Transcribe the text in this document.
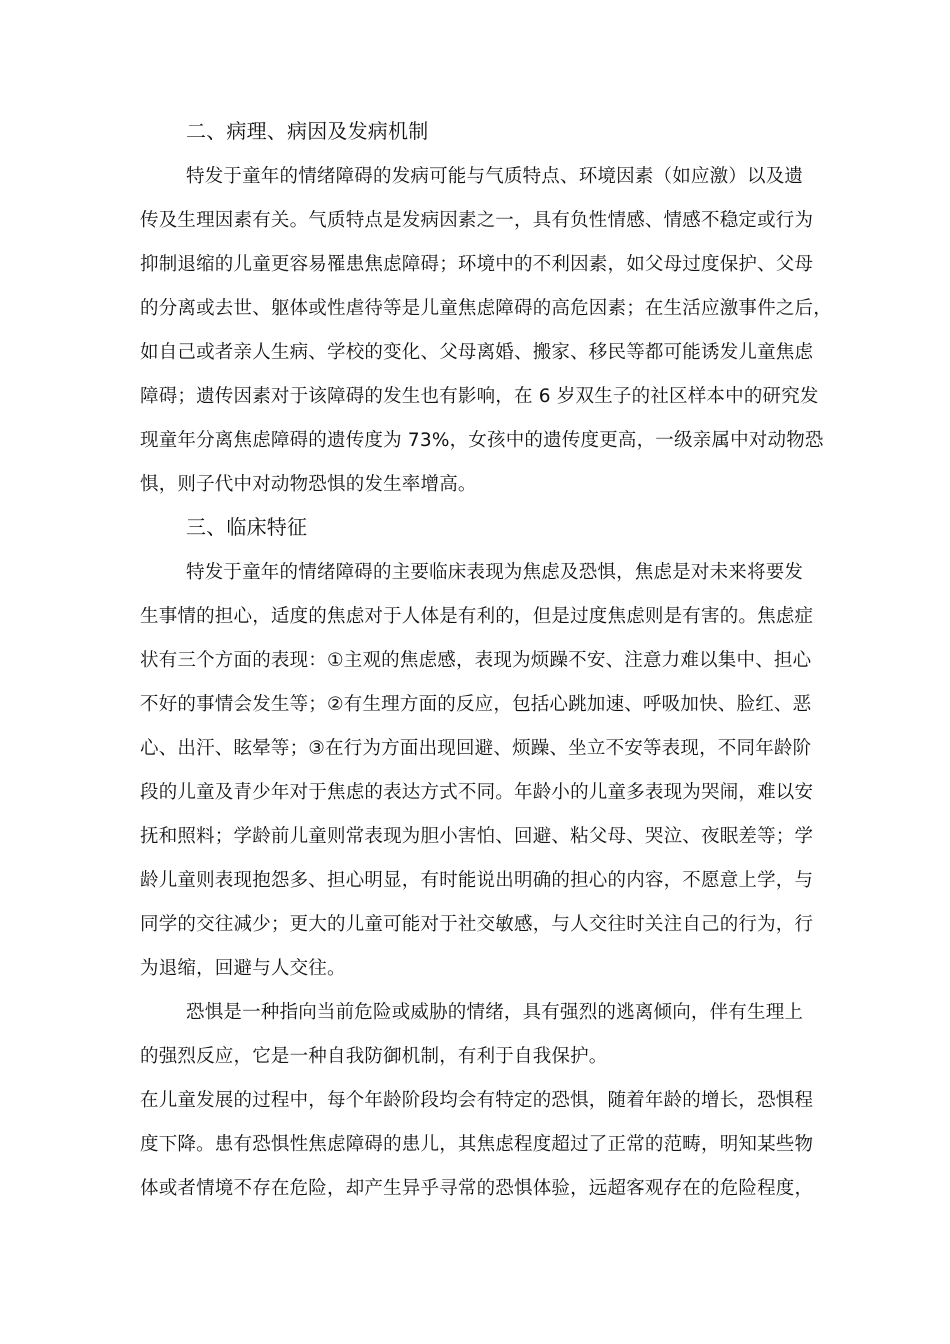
二、病理、病因及发病机制
特发于童年的情绪障碍的发病可能与气质特点、环境因素（如应激）以及遗
传及生理因素有关。气质特点是发病因素之一，具有负性情感、情感不稳定或行为
抑制退缩的儿童更容易罹患焦虑障碍；环境中的不利因素，如父母过度保护、父母
的分离或去世、躯体或性虐待等是儿童焦虑障碍的高危因素；在生活应激事件之后，
如自己或者亲人生病、学校的变化、父母离婚、搬家、移民等都可能诱发儿童焦虑
障碍；遗传因素对于该障碍的发生也有影响，在 6 岁双生子的社区样本中的研究发
现童年分离焦虑障碍的遗传度为 73%，女孩中的遗传度更高，一级亲属中对动物恐
惧，则子代中对动物恐惧的发生率增高。
三、临床特征
特发于童年的情绪障碍的主要临床表现为焦虑及恐惧，焦虑是对未来将要发
生事情的担心，适度的焦虑对于人体是有利的，但是过度焦虑则是有害的。焦虑症
状有三个方面的表现：①主观的焦虑感，表现为烦躁不安、注意力难以集中、担心
不好的事情会发生等；②有生理方面的反应，包括心跳加速、呼吸加快、脸红、恶
心、出汗、眩晕等；③在行为方面出现回避、烦躁、坐立不安等表现，不同年龄阶
段的儿童及青少年对于焦虑的表达方式不同。年龄小的儿童多表现为哭闹，难以安
抚和照料；学龄前儿童则常表现为胆小害怕、回避、粘父母、哭泣、夜眠差等；学
龄儿童则表现抱怨多、担心明显，有时能说出明确的担心的内容，不愿意上学，与
同学的交往减少；更大的儿童可能对于社交敏感，与人交往时关注自己的行为，行
为退缩，回避与人交往。
恐惧是一种指向当前危险或威胁的情绪，具有强烈的逃离倾向，伴有生理上
的强烈反应，它是一种自我防御机制，有利于自我保护。
在儿童发展的过程中，每个年龄阶段均会有特定的恐惧，随着年龄的增长，恐惧程
度下降。患有恐惧性焦虑障碍的患儿，其焦虑程度超过了正常的范畴，明知某些物
体或者情境不存在危险，却产生异乎寻常的恐惧体验，远超客观存在的危险程度，
